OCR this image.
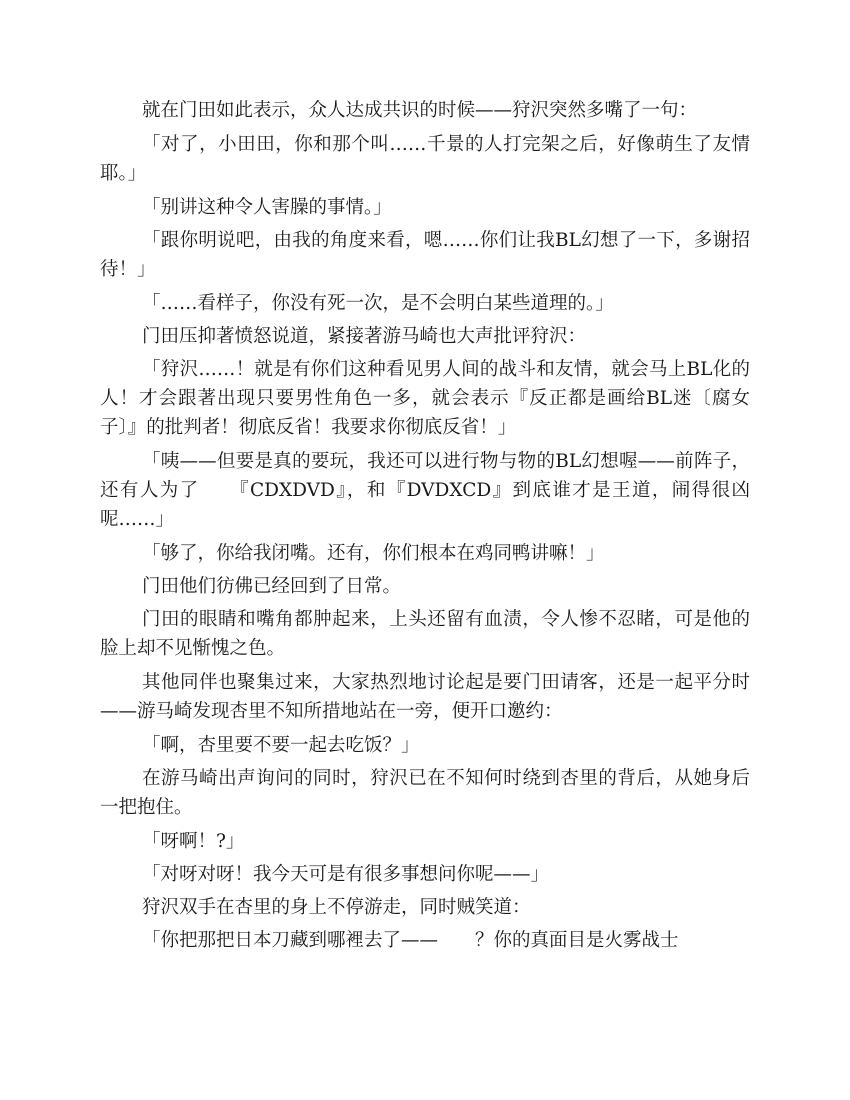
就在门田如此表示，众人达成共识的时候——狩沢突然多嘴了一句：

「对了，小田田，你和那个叫……千景的人打完架之后，好像萌生了友情耶。」

「别讲这种令人害臊的事情。」

「跟你明说吧，由我的角度来看，嗯……你们让我BL幻想了一下，多谢招待！」

「……看样子，你没有死一次，是不会明白某些道理的。」

门田压抑著愤怒说道，紧接著游马崎也大声批评狩沢：

「狩沢……！就是有你们这种看见男人间的战斗和友情，就会马上BL化的人！才会跟著出现只要男性角色一多，就会表示『反正都是画给BL迷〔腐女子〕』的批判者！彻底反省！我要求你彻底反省！」

「咦——但要是真的要玩，我还可以进行物与物的BL幻想喔——前阵子，还有人为了　　『CDXDVD』，和『DVDXCD』到底谁才是王道，闹得很凶呢……」

「够了，你给我闭嘴。还有，你们根本在鸡同鸭讲嘛！」

门田他们彷佛已经回到了日常。

门田的眼睛和嘴角都肿起来，上头还留有血渍，令人惨不忍睹，可是他的脸上却不见惭愧之色。

其他同伴也聚集过来，大家热烈地讨论起是要门田请客，还是一起平分时——游马崎发现杏里不知所措地站在一旁，便开口邀约：

「啊，杏里要不要一起去吃饭？」

在游马崎出声询问的同时，狩沢已在不知何时绕到杏里的背后，从她身后一把抱住。

「呀啊！?」

「对呀对呀！我今天可是有很多事想问你呢——」

狩沢双手在杏里的身上不停游走，同时贼笑道：

「你把那把日本刀藏到哪裡去了——　　？你的真面目是火雾战士
